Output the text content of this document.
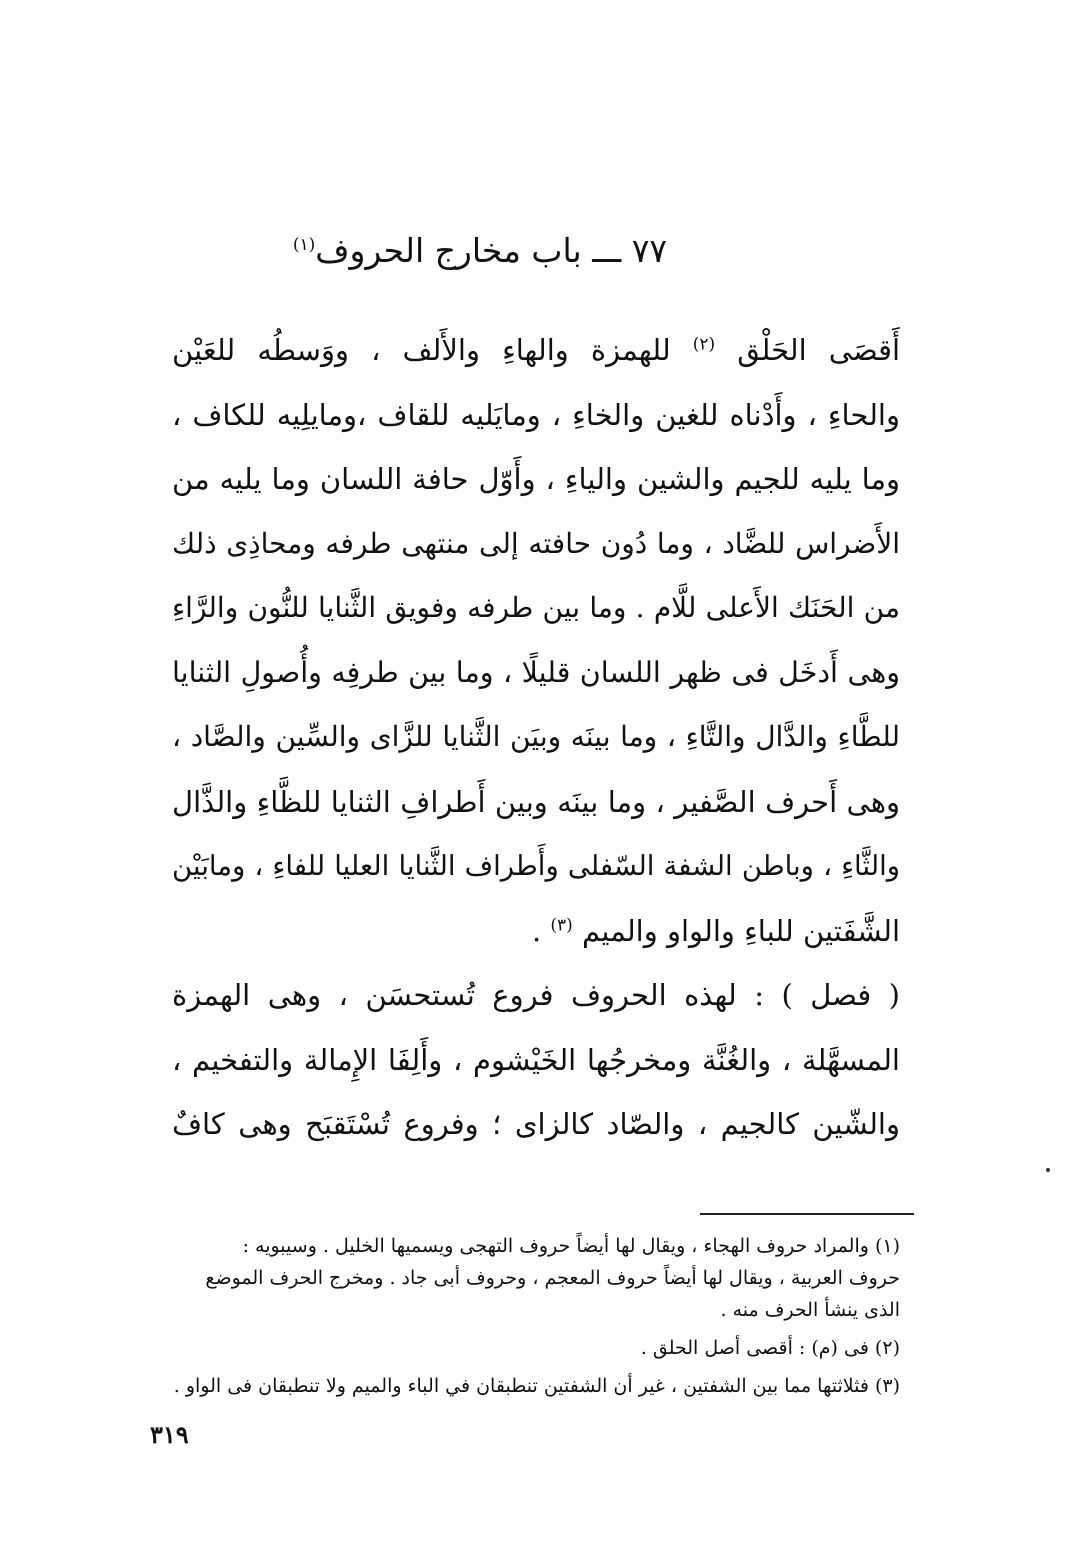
٧٧ ـــ باب مخارج الحروف$^{(١)}$
أَقصَى الحَلْق $^{(٢)}$ للهمزة والهاءِ والأَلف ، ووَسطُه للعَيْن
والحاءِ ، وأَدْناه للغين والخاءِ ، ومايَليه للقاف ،ومايلِيه للكاف ،
وما يليه للجيم والشين والياءِ ، وأَوّل حافة اللسان وما يليه من
الأَضراس للضَّاد ، وما دُون حافته إلى منتهى طرفه ومحاذِى ذلك
من الحَنَك الأَعلى للَّام . وما بين طرفه وفويق الثَّنايا للنُّون والرَّاءِ
وهى أَدخَل فى ظهر اللسان قليلًا ، وما بين طرفِه وأُصولِ الثنايا
للطَّاءِ والدَّال والتَّاءِ ، وما بينَه وبيَن الثَّنايا للزَّاى والسِّين والصَّاد ،
وهى أَحرف الصَّفير ، وما بينَه وبين أَطرافِ الثنايا للظَّاءِ والذَّال
والثَّاءِ ، وباطن الشفة السّفلى وأَطراف الثَّنايا العليا للفاءِ ، ومابَيْن
الشَّفَتين للباءِ والواو والميم $^{(٣)}$ .
( فصل ) : لهذه الحروف فروع تُستحسَن ، وهى الهمزة
المسهَّلة ، والغُنَّة ومخرجُها الخَيْشوم ، وأَلِفَا الإِمالة والتفخيم ،
والشّين كالجيم ، والصّاد كالزاى ؛ وفروع تُسْتَقبَح وهى كافٌ
(١) والمراد حروف الهجاء ، ويقال لها أيضاً حروف التهجى ويسميها الخليل . وسيبويه :
حروف العربية ، ويقال لها أيضاً حروف المعجم ، وحروف أبى جاد . ومخرج الحرف الموضع
الذى ينشأ الحرف منه .
(٢) فى (م) : أقصى أصل الحلق .
(٣) فثلاثتها مما بين الشفتين ، غير أن الشفتين تنطبقان في الباء والميم ولا تنطبقان فى الواو .
٣١٩
